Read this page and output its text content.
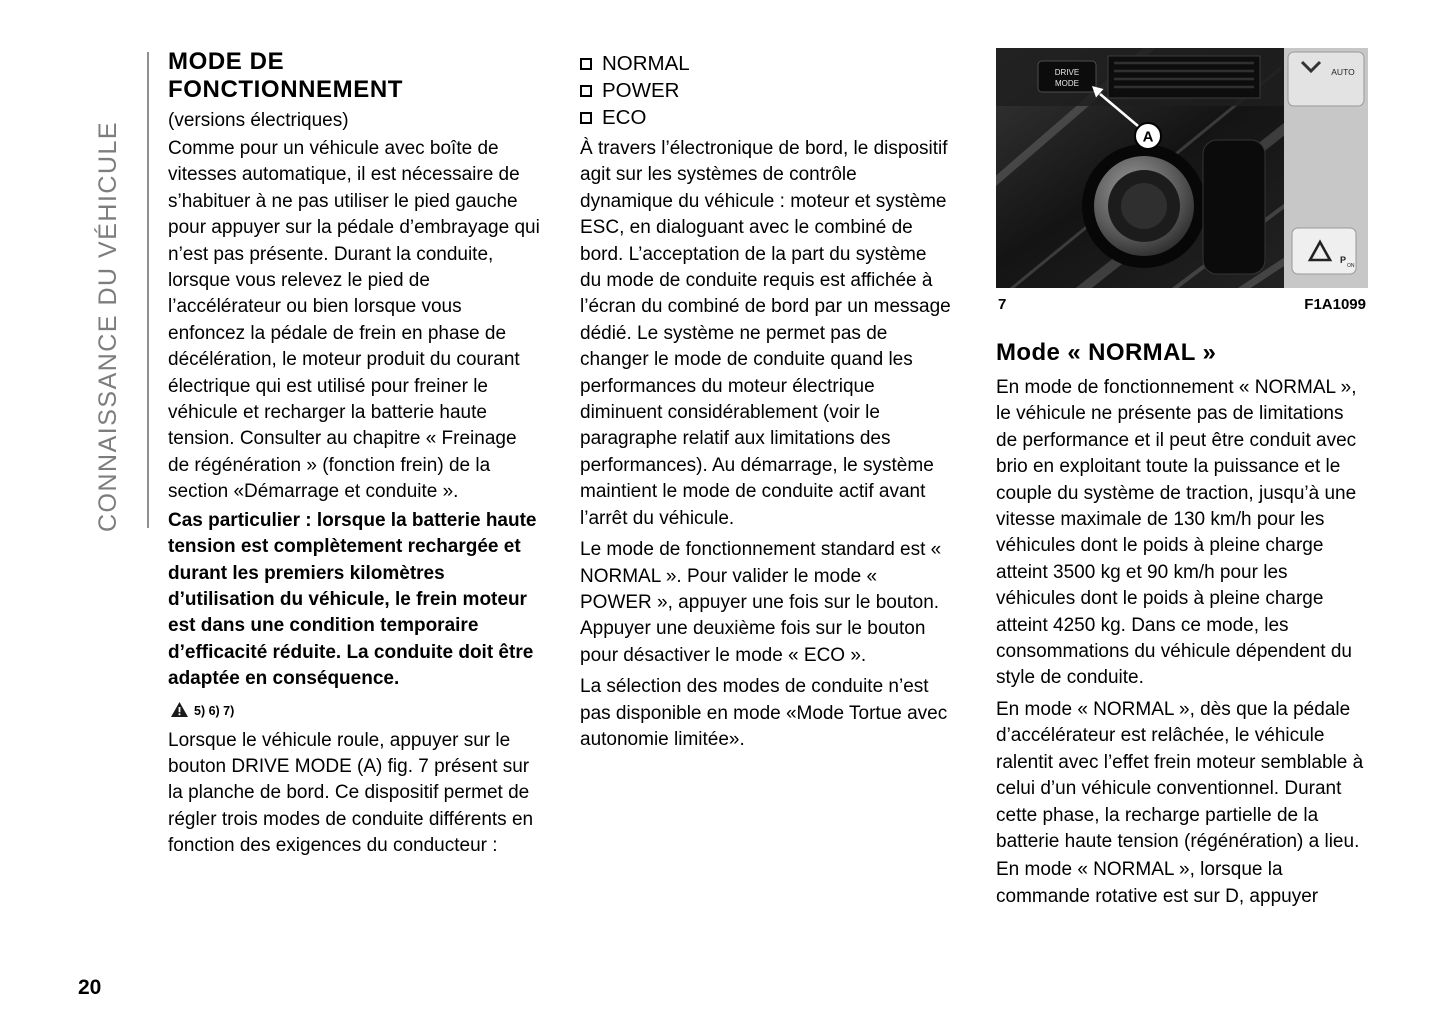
CONNAISSANCE DU VÉHICULE
20
MODE DE
FONCTIONNEMENT
(versions électriques)
Comme pour un véhicule avec boîte de vitesses automatique, il est nécessaire de s’habituer à ne pas utiliser le pied gauche pour appuyer sur la pédale d’embrayage qui n’est pas présente. Durant la conduite, lorsque vous relevez le pied de l’accélérateur ou bien lorsque vous enfoncez la pédale de frein en phase de décélération, le moteur produit du courant électrique qui est utilisé pour freiner le véhicule et recharger la batterie haute tension. Consulter au chapitre « Freinage de régénération » (fonction frein) de la section «Démarrage et conduite ».
Cas particulier : lorsque la batterie haute tension est complètement rechargée et durant les premiers kilomètres d’utilisation du véhicule, le frein moteur est dans une condition temporaire d’efficacité réduite. La conduite doit être adaptée en conséquence.
5) 6) 7)
Lorsque le véhicule roule, appuyer sur le bouton DRIVE MODE (A) fig. 7 présent sur la planche de bord. Ce dispositif permet de régler trois modes de conduite différents en fonction des exigences du conducteur :
NORMAL
POWER
ECO
À travers l’électronique de bord, le dispositif agit sur les systèmes de contrôle dynamique du véhicule : moteur et système ESC, en dialoguant avec le combiné de bord. L’acceptation de la part du système du mode de conduite requis est affichée à l’écran du combiné de bord par un message dédié. Le système ne permet pas de changer le mode de conduite quand les performances du moteur électrique diminuent considérablement (voir le paragraphe relatif aux limitations des performances). Au démarrage, le système maintient le mode de conduite actif avant l’arrêt du véhicule.
Le mode de fonctionnement standard est « NORMAL ». Pour valider le mode « POWER », appuyer une fois sur le bouton. Appuyer une deuxième fois sur le bouton pour désactiver le mode « ECO ».
La sélection des modes de conduite n’est pas disponible en mode «Mode Tortue avec autonomie limitée».
DRIVE
MODE
AUTO
P
ON
A
7	F1A1099
Mode « NORMAL »
En mode de fonctionnement « NORMAL », le véhicule ne présente pas de limitations de performance et il peut être conduit avec brio en exploitant toute la puissance et le couple du système de traction, jusqu’à une vitesse maximale de 130 km/h pour les véhicules dont le poids à pleine charge atteint 3500 kg et 90 km/h pour les véhicules dont le poids à pleine charge atteint 4250 kg. Dans ce mode, les consommations du véhicule dépendent du style de conduite.
En mode « NORMAL », dès que la pédale d’accélérateur est relâchée, le véhicule ralentit avec l’effet frein moteur semblable à celui d’un véhicule conventionnel. Durant cette phase, la recharge partielle de la batterie haute tension (régénération) a lieu.
En mode « NORMAL », lorsque la commande rotative est sur D, appuyer
